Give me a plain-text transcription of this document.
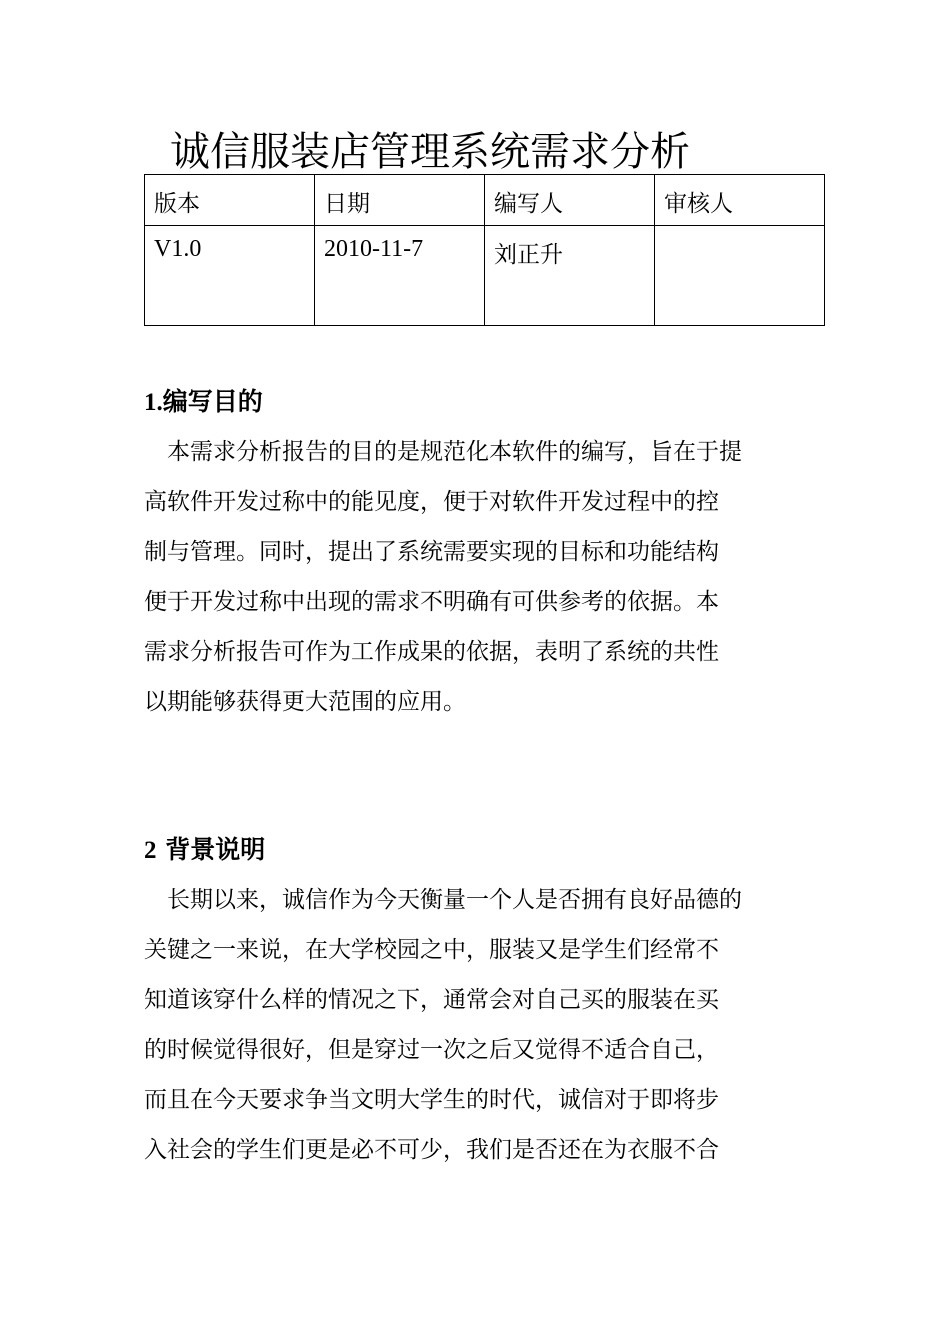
诚信服装店管理系统需求分析
版本	日期	编写人	审核人
V1.0	2010-11-7	刘正升	
1.编写目的
本需求分析报告的目的是规范化本软件的编写，旨在于提
高软件开发过称中的能见度，便于对软件开发过程中的控
制与管理。同时，提出了系统需要实现的目标和功能结构
便于开发过称中出现的需求不明确有可供参考的依据。本
需求分析报告可作为工作成果的依据，表明了系统的共性
以期能够获得更大范围的应用。
2 背景说明
长期以来，诚信作为今天衡量一个人是否拥有良好品德的
关键之一来说，在大学校园之中，服装又是学生们经常不
知道该穿什么样的情况之下，通常会对自己买的服装在买
的时候觉得很好，但是穿过一次之后又觉得不适合自己，
而且在今天要求争当文明大学生的时代，诚信对于即将步
入社会的学生们更是必不可少，我们是否还在为衣服不合
